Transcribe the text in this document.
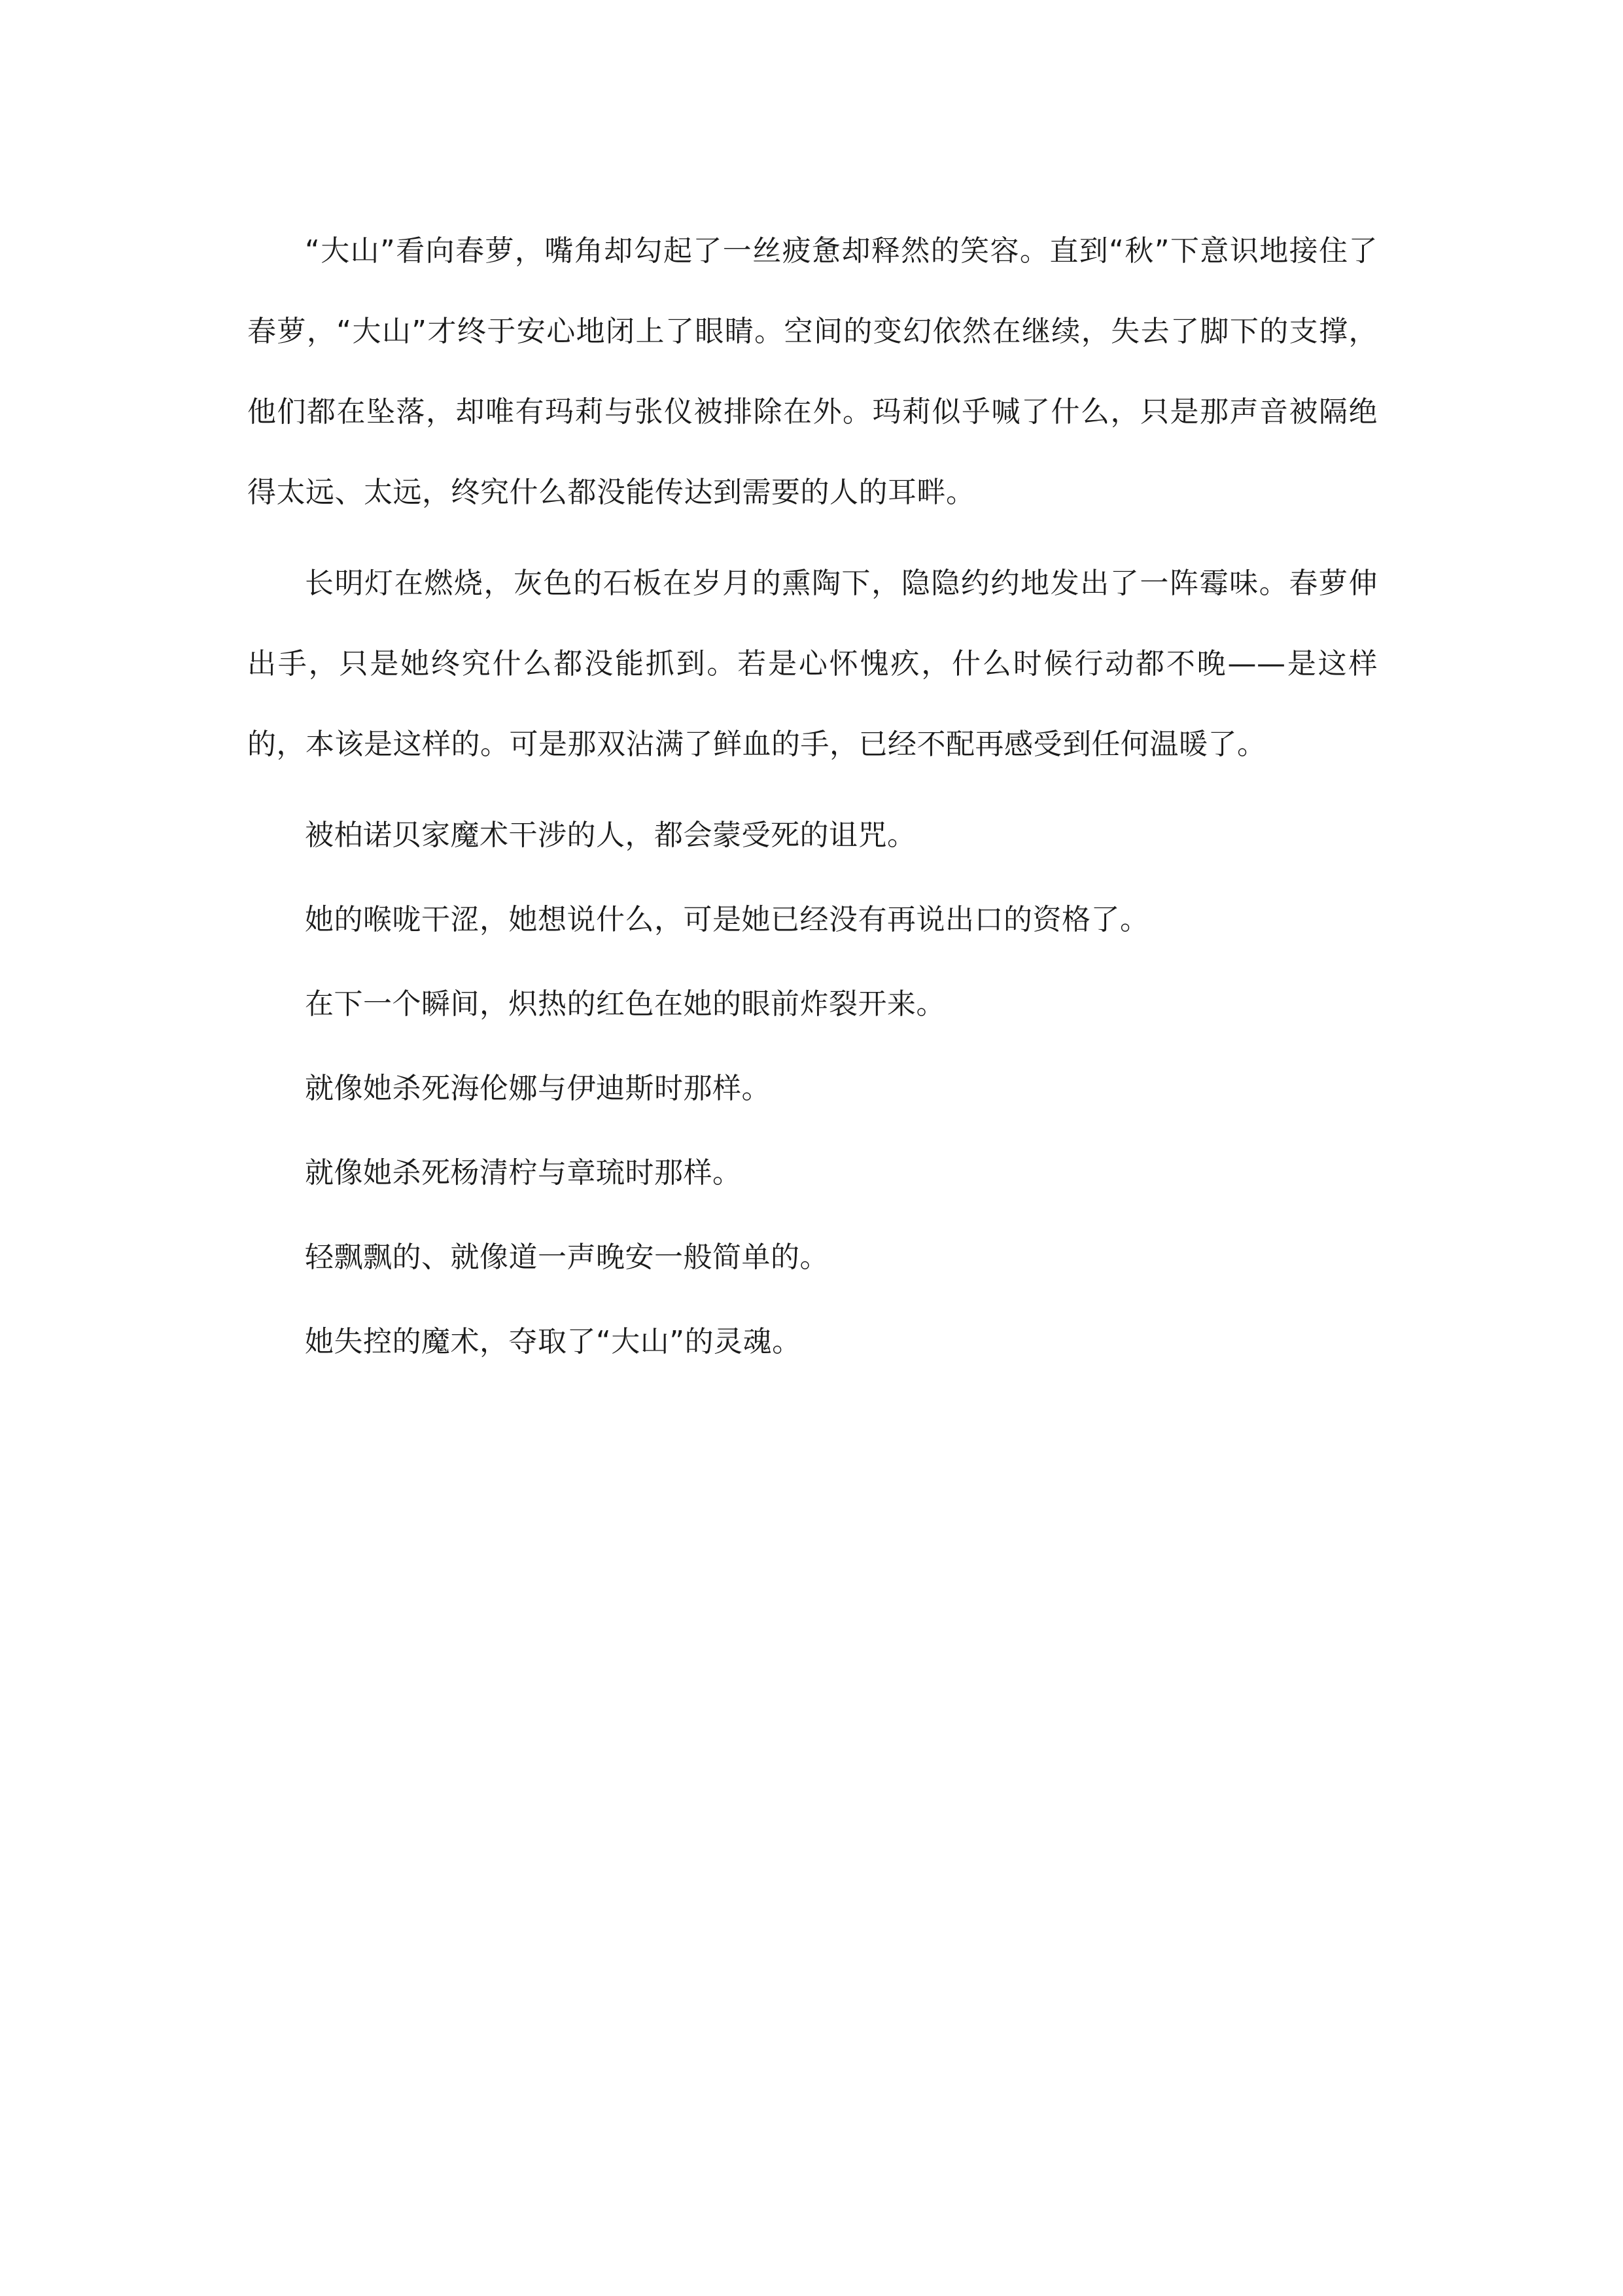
“大山”看向春萝，嘴角却勾起了一丝疲惫却释然的笑容。直到“秋”下意识地接住了春萝，“大山”才终于安心地闭上了眼睛。空间的变幻依然在继续，失去了脚下的支撑，他们都在坠落，却唯有玛莉与张仪被排除在外。玛莉似乎喊了什么，只是那声音被隔绝得太远、太远，终究什么都没能传达到需要的人的耳畔。

长明灯在燃烧，灰色的石板在岁月的熏陶下，隐隐约约地发出了一阵霉味。春萝伸出手，只是她终究什么都没能抓到。若是心怀愧疚，什么时候行动都不晚——是这样的，本该是这样的。可是那双沾满了鲜血的手，已经不配再感受到任何温暖了。

被柏诺贝家魔术干涉的人，都会蒙受死的诅咒。

她的喉咙干涩，她想说什么，可是她已经没有再说出口的资格了。

在下一个瞬间，炽热的红色在她的眼前炸裂开来。

就像她杀死海伦娜与伊迪斯时那样。

就像她杀死杨清柠与章琉时那样。

轻飘飘的、就像道一声晚安一般简单的。

她失控的魔术，夺取了“大山”的灵魂。
